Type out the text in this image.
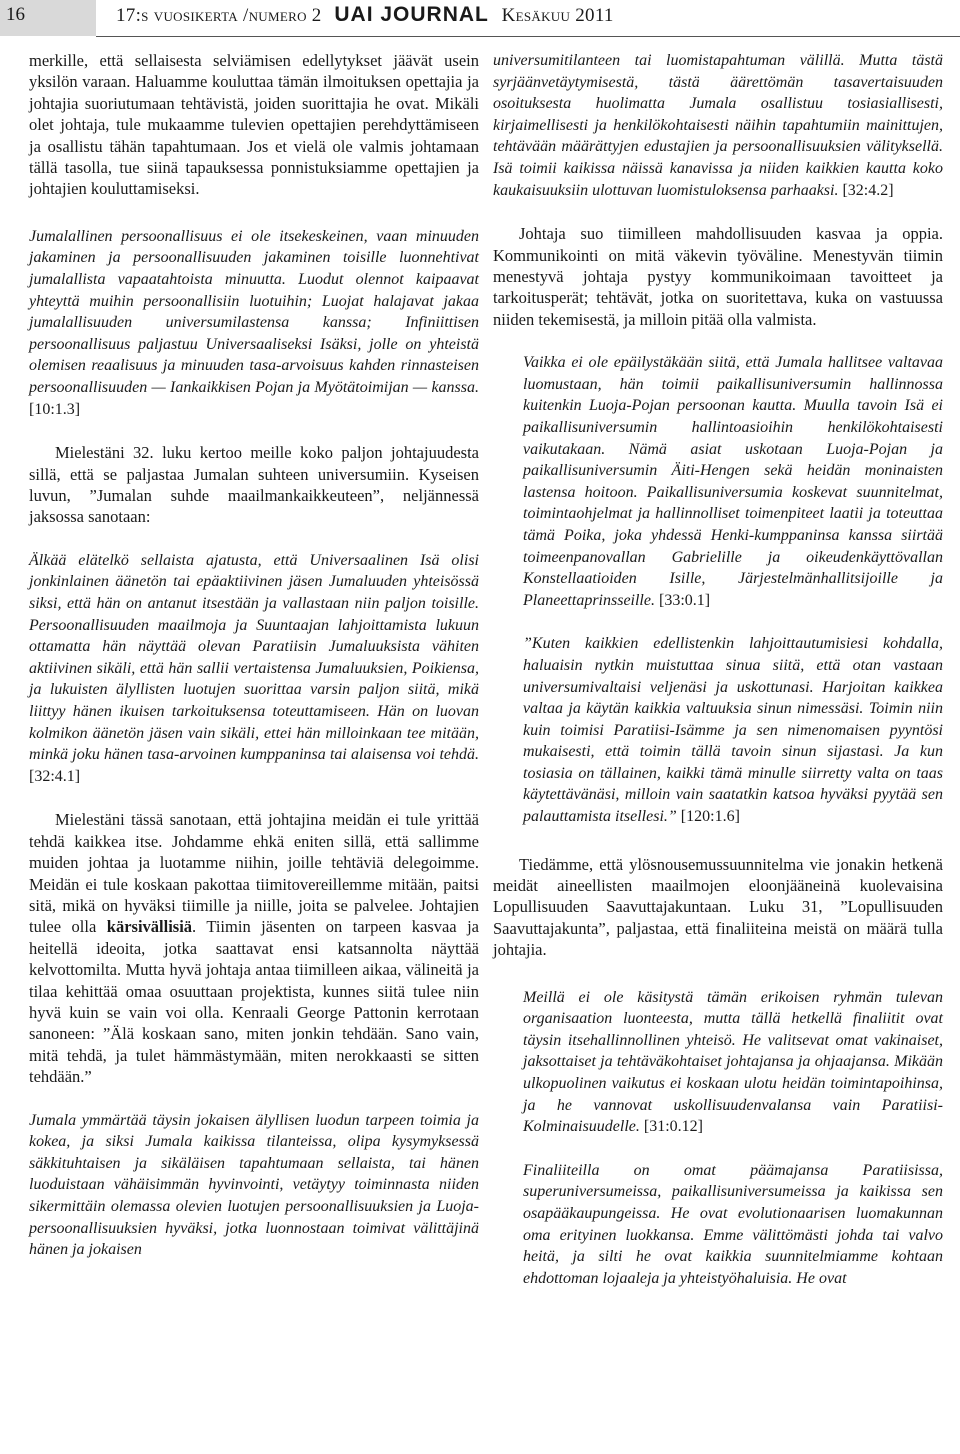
16	17:s vuosikerta /numero 2 UAI JOURNAL Kesäkuu 2011

merkille, että sellaisesta selviämisen edellytykset jäävät usein yksilön varaan. Haluamme kouluttaa tämän ilmoituksen opettajia ja johtajia suoriutumaan tehtävistä, joiden suorittajia he ovat. Mikäli olet johtaja, tule mukaamme tulevien opettajien perehdyttämiseen ja osallistu tähän tapahtumaan. Jos et vielä ole valmis johtamaan tällä tasolla, tue siinä tapauksessa ponnistuksiamme opettajien ja johtajien kouluttamiseksi.

Jumalallinen persoonallisuus ei ole itsekeskeinen, vaan minuuden jakaminen ja persoonallisuuden jakaminen toisille luonnehtivat jumalallista vapaatahtoista minuutta. Luodut olennot kaipaavat yhteyttä muihin persoonallisiin luotuihin; Luojat halajavat jakaa jumalallisuuden universumilastensa kanssa; Infiniittisen persoonallisuus paljastuu Universaaliseksi Isäksi, jolle on yhteistä olemisen reaalisuus ja minuuden tasa-arvoisuus kahden rinnasteisen persoonallisuuden — Iankaikkisen Pojan ja Myötätoimijan — kanssa. [10:1.3]

Mielestäni 32. luku kertoo meille koko paljon johtajuudesta sillä, että se paljastaa Jumalan suhteen universumiin. Kyseisen luvun, ”Jumalan suhde maailmankaikkeuteen”, neljännessä jaksossa sanotaan:

Älkää elätelkö sellaista ajatusta, että Universaalinen Isä olisi jonkinlainen äänetön tai epäaktiivinen jäsen Jumaluuden yhteisössä siksi, että hän on antanut itsestään ja vallastaan niin paljon toisille. Persoonallisuuden maailmoja ja Suuntaajan lahjoittamista lukuun ottamatta hän näyttää olevan Paratiisin Jumaluuksista vähiten aktiivinen sikäli, että hän sallii vertaistensa Jumaluuksien, Poikiensa, ja lukuisten älyllisten luotujen suorittaa varsin paljon siitä, mikä liittyy hänen ikuisen tarkoituksensa toteuttamiseen. Hän on luovan kolmikon äänetön jäsen vain sikäli, ettei hän milloinkaan tee mitään, minkä joku hänen tasa-arvoinen kumppaninsa tai alaisensa voi tehdä. [32:4.1]

Mielestäni tässä sanotaan, että johtajina meidän ei tule yrittää tehdä kaikkea itse. Johdamme ehkä eniten sillä, että sallimme muiden johtaa ja luotamme niihin, joille tehtäviä delegoimme. Meidän ei tule koskaan pakottaa tiimitovereillemme mitään, paitsi sitä, mikä on hyväksi tiimille ja niille, joita se palvelee. Johtajien tulee olla kärsivällisiä. Tiimin jäsenten on tarpeen kasvaa ja heitellä ideoita, jotka saattavat ensi katsannolta näyttää kelvottomilta. Mutta hyvä johtaja antaa tiimilleen aikaa, välineitä ja tilaa kehittää omaa osuuttaan projektista, kunnes siitä tulee niin hyvä kuin se vain voi olla. Kenraali George Pattonin kerrotaan sanoneen: ”Älä koskaan sano, miten jonkin tehdään. Sano vain, mitä tehdä, ja tulet hämmästymään, miten nerokkaasti se sitten tehdään.”

Jumala ymmärtää täysin jokaisen älyllisen luodun tarpeen toimia ja kokea, ja siksi Jumala kaikissa tilanteissa, olipa kysymyksessä säkkituhtaisen ja sikäläisen tapahtumaan sellaista, tai hänen luoduistaan vähäisimmän hyvinvointi, vetäytyy toiminnasta niiden sikermittäin olemassa olevien luotujen persoonallisuuksien ja Luoja-persoonallisuuksien hyväksi, jotka luonnostaan toimivat välittäjinä hänen ja jokaisen

universumitilanteen tai luomistapahtuman välillä. Mutta tästä syrjäänvetäytymisestä, tästä äärettömän tasavertaisuuden osoituksesta huolimatta Jumala osallistuu tosiasiallisesti, kirjaimellisesti ja henkilökohtaisesti näihin tapahtumiin mainittujen, tehtävään määrättyjen edustajien ja persoonallisuuksien välityksellä. Isä toimii kaikissa näissä kanavissa ja niiden kaikkien kautta koko kaukaisuuksiin ulottuvan luomistuloksensa parhaaksi. [32:4.2]

Johtaja suo tiimilleen mahdollisuuden kasvaa ja oppia. Kommunikointi on mitä väkevin työväline. Menestyvän tiimin menestyvä johtaja pystyy kommunikoimaan tavoitteet ja tarkoitusperät; tehtävät, jotka on suoritettava, kuka on vastuussa niiden tekemisestä, ja milloin pitää olla valmista.

Vaikka ei ole epäilystäkään siitä, että Jumala hallitsee valtavaa luomustaan, hän toimii paikallisuniversumin hallinnossa kuitenkin Luoja-Pojan persoonan kautta. Muulla tavoin Isä ei paikallisuniversumin hallintoasioihin henkilökohtaisesti vaikutakaan. Nämä asiat uskotaan Luoja-Pojan ja paikallisuniversumin Äiti-Hengen sekä heidän moninaisten lastensa hoitoon. Paikallisuniversumia koskevat suunnitelmat, toimintaohjelmat ja hallinnolliset toimenpiteet laatii ja toteuttaa tämä Poika, joka yhdessä Henki-kumppaninsa kanssa siirtää toimeenpanovallan Gabrielille ja oikeudenkäyttövallan Konstellaatioiden Isille, Järjestelmänhallitsijoille ja Planeettaprinsseille. [33:0.1]

”Kuten kaikkien edellistenkin lahjoittautumisiesi kohdalla, haluaisin nytkin muistuttaa sinua siitä, että otan vastaan universumivaltaisi veljenäsi ja uskottunasi. Harjoitan kaikkea valtaa ja käytän kaikkia valtuuksia sinun nimessäsi. Toimin niin kuin toimisi Paratiisi-Isämme ja sen nimenomaisen pyyntösi mukaisesti, että toimin tällä tavoin sinun sijastasi. Ja kun tosiasia on tällainen, kaikki tämä minulle siirretty valta on taas käytettävänäsi, milloin vain saatatkin katsoa hyväksi pyytää sen palauttamista itsellesi.” [120:1.6]

Tiedämme, että ylösnousemussuunnitelma vie jonakin hetkenä meidät aineellisten maailmojen eloonjääneinä kuolevaisina Lopullisuuden Saavuttajakuntaan. Luku 31, ”Lopullisuuden Saavuttajakunta”, paljastaa, että finaliiteina meistä on määrä tulla johtajia.

Meillä ei ole käsitystä tämän erikoisen ryhmän tulevan organisaation luonteesta, mutta tällä hetkellä finaliitit ovat täysin itsehallinnollinen yhteisö. He valitsevat omat vakinaiset, jaksottaiset ja tehtäväkohtaiset johtajansa ja ohjaajansa. Mikään ulkopuolinen vaikutus ei koskaan ulotu heidän toimintapoihinsa, ja he vannovat uskollisuudenvalansa vain Paratiisi-Kolminaisuudelle. [31:0.12]

Finaliiteilla on omat päämajansa Paratiisissa, superuniversumeissa, paikallisuniversumeissa ja kaikissa sen osapääkaupungeissa. He ovat evolutionaarisen luomakunnan oma erityinen luokkansa. Emme välittömästi johda tai valvo heitä, ja silti he ovat kaikkia suunnitelmiamme kohtaan ehdottoman lojaaleja ja yhteistyöhaluisia. He ovat
